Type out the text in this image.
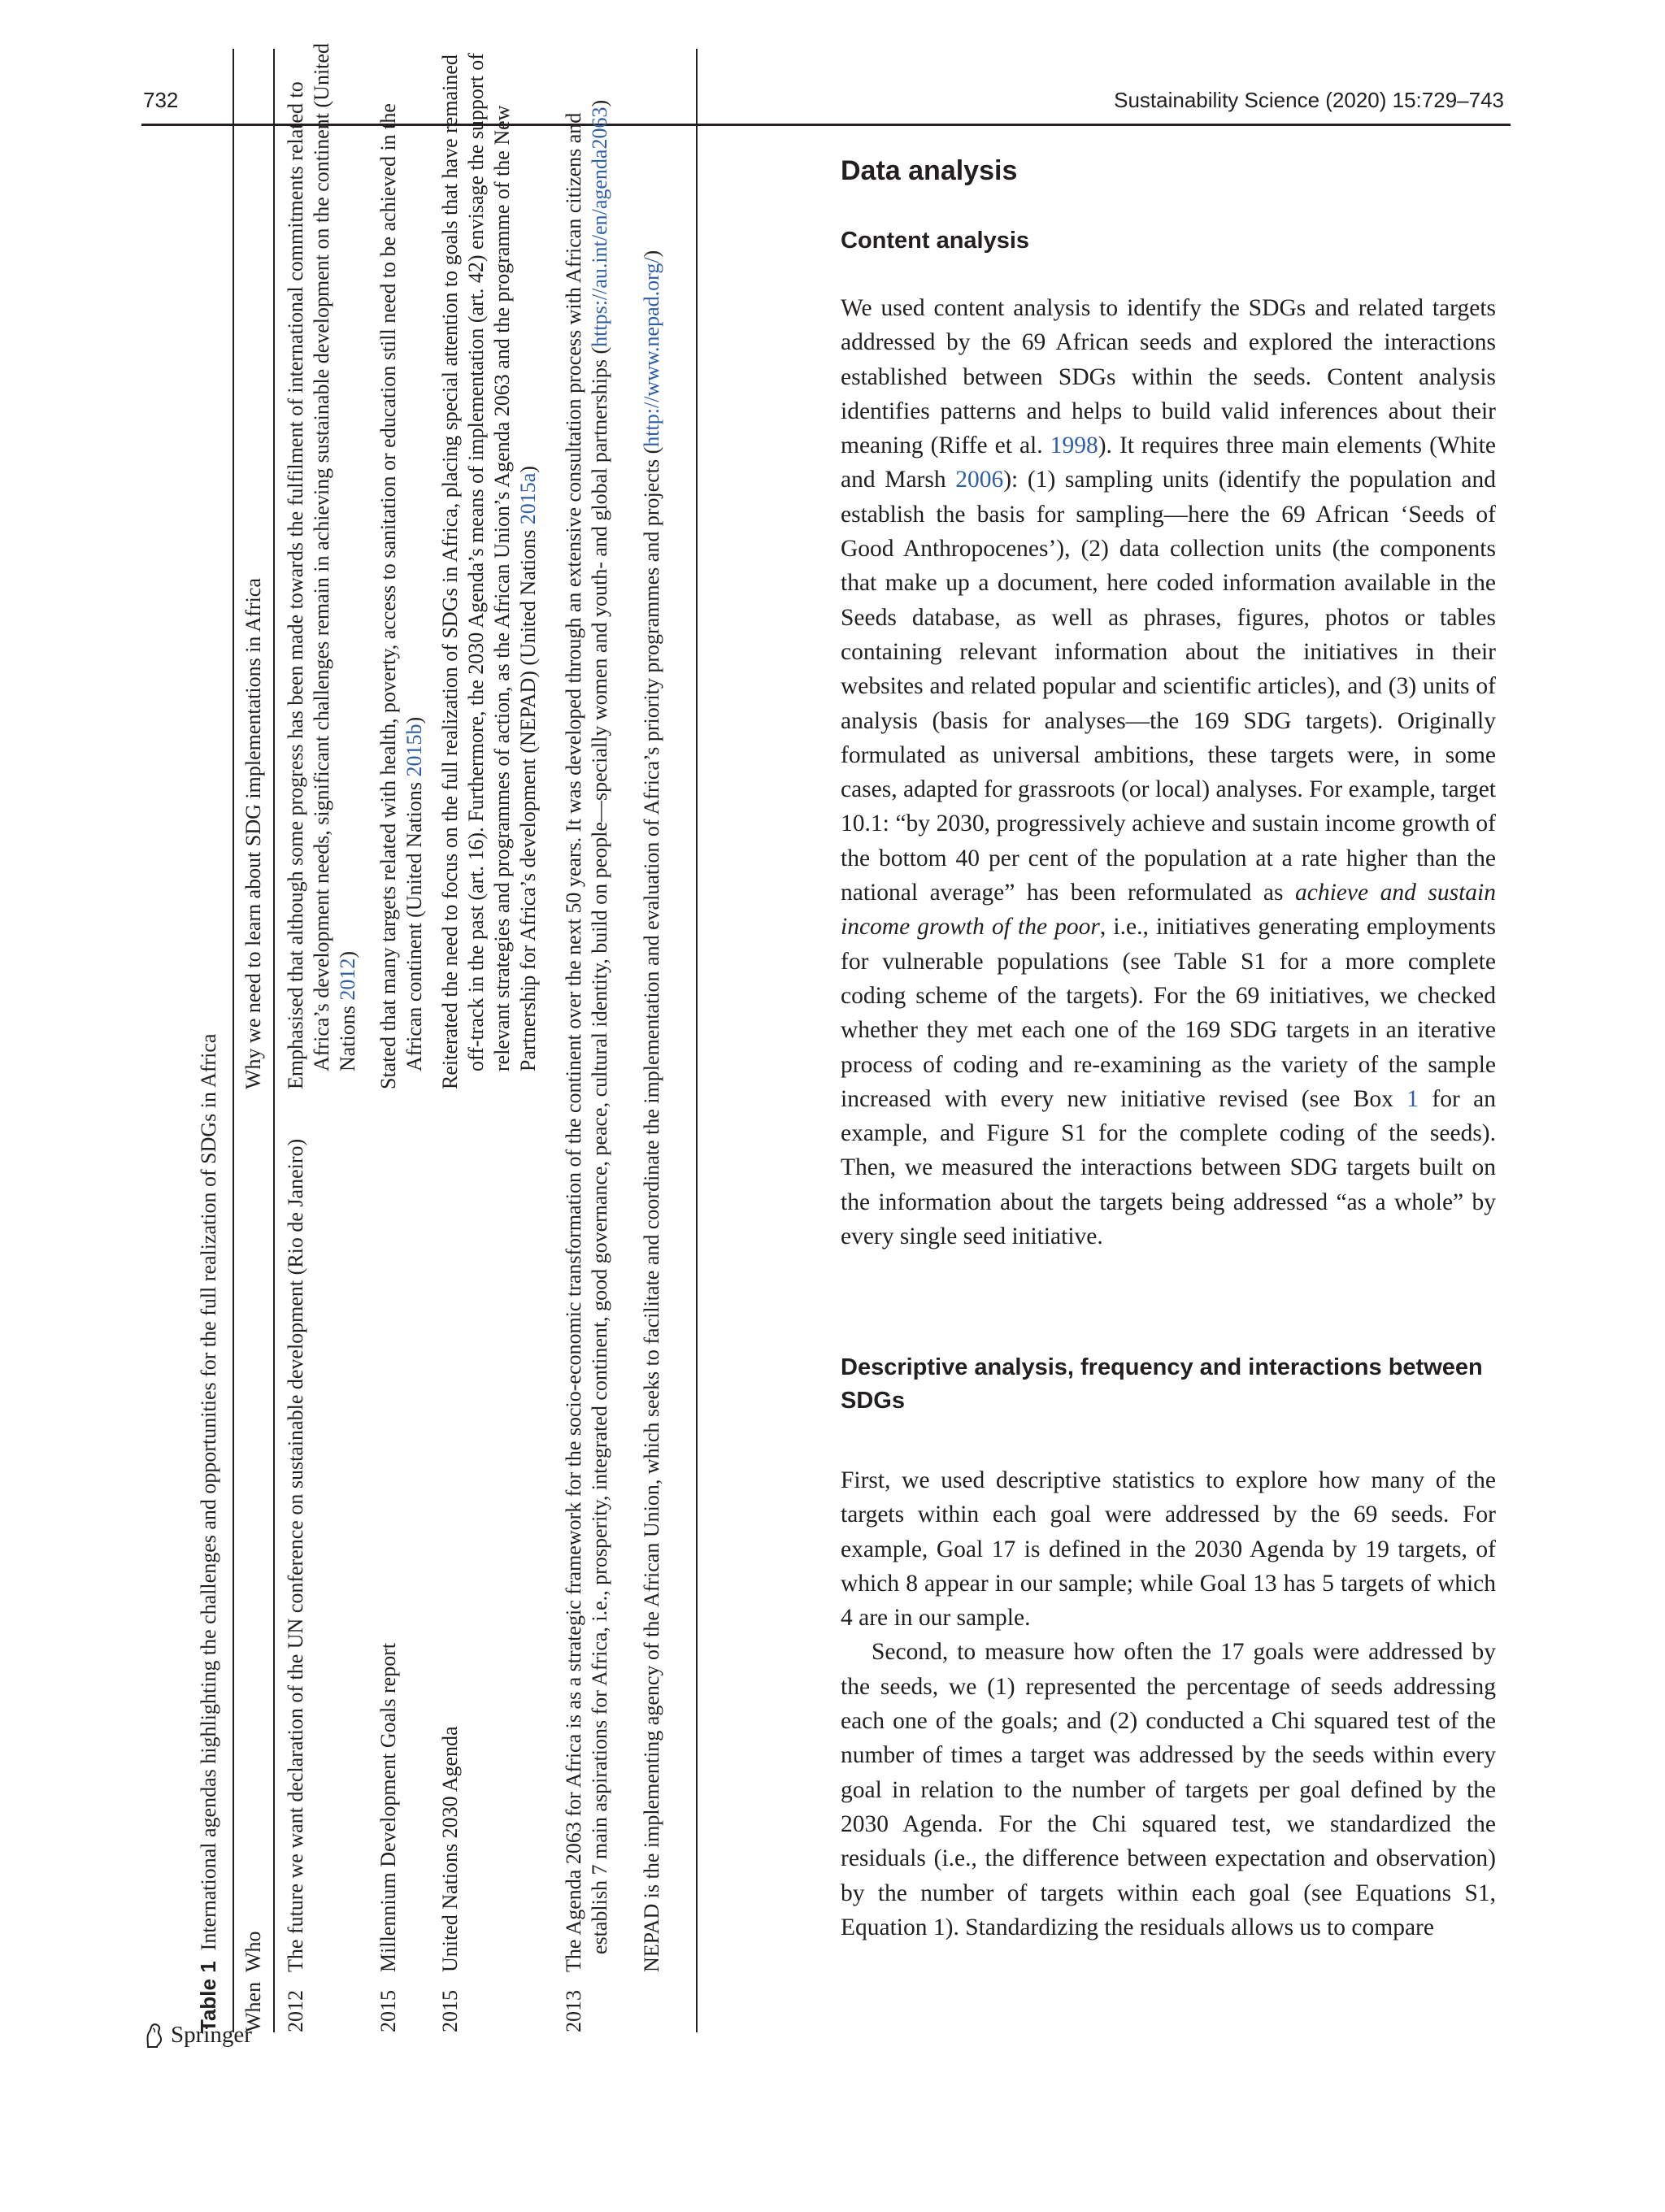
732	Sustainability Science (2020) 15:729–743
Table 1  International agendas highlighting the challenges and opportunities for the full realization of SDGs in Africa
When
Who
Why we need to learn about SDG implementations in Africa
2012
The future we want declaration of the UN conference on sustainable development (Rio de Janeiro)
Emphasised that although some progress has been made towards the fulfilment of international commitments related to Africa’s development needs, significant challenges remain in achieving sustainable development on the continent (United Nations 2012)
2015
Millennium Development Goals report
Stated that many targets related with health, poverty, access to sanitation or education still need to be achieved in the African continent (United Nations 2015b)
2015
United Nations 2030 Agenda
Reiterated the need to focus on the full realization of SDGs in Africa, placing special attention to goals that have remained off-track in the past (art. 16). Furthermore, the 2030 Agenda’s means of implementation (art. 42) envisage the support of relevant strategies and programmes of action, as the African Union’s Agenda 2063 and the programme of the New Partnership for Africa’s development (NEPAD) (United Nations 2015a)
2013
The Agenda 2063 for Africa is as a strategic framework for the socio-economic transformation of the continent over the next 50 years. It was developed through an extensive consultation process with African citizens and establish 7 main aspirations for Africa, i.e., prosperity, integrated continent, good governance, peace, cultural identity, build on people—specially women and youth- and global partnerships (https://au.int/en/agenda2063)
NEPAD is the implementing agency of the African Union, which seeks to facilitate and coordinate the implementation and evaluation of Africa’s priority programmes and projects (http://www.nepad.org/)
Data analysis
Content analysis

We used content analysis to identify the SDGs and related targets addressed by the 69 African seeds and explored the interactions established between SDGs within the seeds. Content analysis identifies patterns and helps to build valid inferences about their meaning (Riffe et al. 1998). It requires three main elements (White and Marsh 2006): (1) sampling units (identify the population and establish the basis for sampling—here the 69 African ‘Seeds of Good Anthropocenes’), (2) data collection units (the components that make up a document, here coded information available in the Seeds database, as well as phrases, figures, photos or tables containing relevant information about the initiatives in their websites and related popular and scientific articles), and (3) units of analysis (basis for analyses—the 169 SDG targets). Originally formulated as universal ambitions, these targets were, in some cases, adapted for grassroots (or local) analyses. For example, target 10.1: “by 2030, progressively achieve and sustain income growth of the bottom 40 per cent of the population at a rate higher than the national average” has been reformulated as achieve and sustain income growth of the poor, i.e., initiatives generating employments for vulnerable populations (see Table S1 for a more complete coding scheme of the targets). For the 69 initiatives, we checked whether they met each one of the 169 SDG targets in an iterative process of coding and re-examining as the variety of the sample increased with every new initiative revised (see Box 1 for an example, and Figure S1 for the complete coding of the seeds). Then, we measured the interactions between SDG targets built on the information about the targets being addressed “as a whole” by every single seed initiative.

Descriptive analysis, frequency and interactions between SDGs

First, we used descriptive statistics to explore how many of the targets within each goal were addressed by the 69 seeds. For example, Goal 17 is defined in the 2030 Agenda by 19 targets, of which 8 appear in our sample; while Goal 13 has 5 targets of which 4 are in our sample.

Second, to measure how often the 17 goals were addressed by the seeds, we (1) represented the percentage of seeds addressing each one of the goals; and (2) conducted a Chi squared test of the number of times a target was addressed by the seeds within every goal in relation to the number of targets per goal defined by the 2030 Agenda. For the Chi squared test, we standardized the residuals (i.e., the difference between expectation and observation) by the number of targets within each goal (see Equations S1, Equation 1). Standardizing the residuals allows us to compare

Springer
